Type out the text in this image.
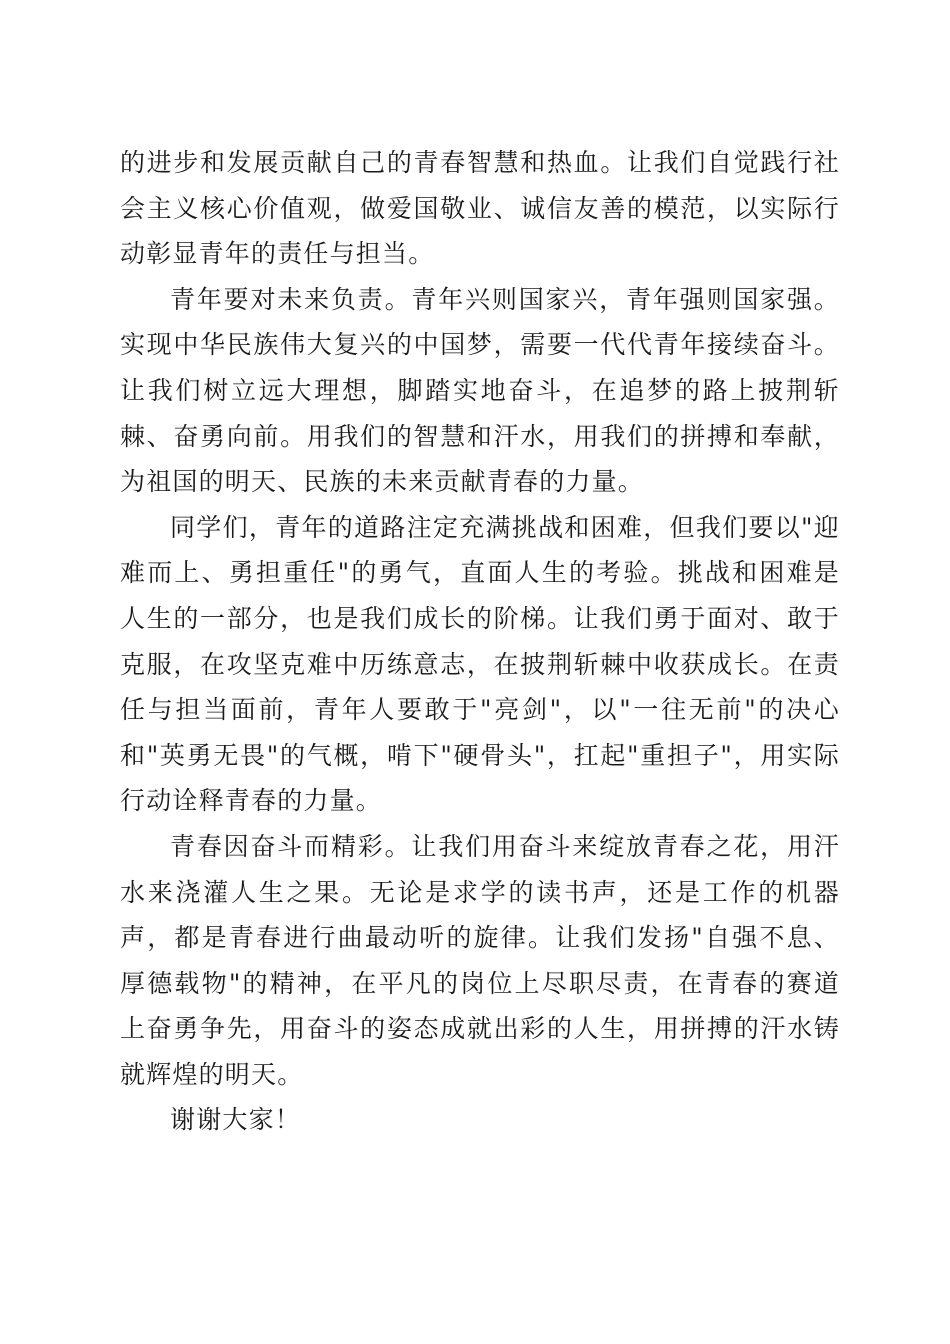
的进步和发展贡献自己的青春智慧和热血。让我们自觉践行社会主义核心价值观，做爱国敬业、诚信友善的模范，以实际行动彰显青年的责任与担当。

青年要对未来负责。青年兴则国家兴，青年强则国家强。实现中华民族伟大复兴的中国梦，需要一代代青年接续奋斗。让我们树立远大理想，脚踏实地奋斗，在追梦的路上披荆斩棘、奋勇向前。用我们的智慧和汗水，用我们的拼搏和奉献，为祖国的明天、民族的未来贡献青春的力量。

同学们，青年的道路注定充满挑战和困难，但我们要以"迎难而上、勇担重任"的勇气，直面人生的考验。挑战和困难是人生的一部分，也是我们成长的阶梯。让我们勇于面对、敢于克服，在攻坚克难中历练意志，在披荆斩棘中收获成长。在责任与担当面前，青年人要敢于"亮剑"，以"一往无前"的决心和"英勇无畏"的气概，啃下"硬骨头"，扛起"重担子"，用实际行动诠释青春的力量。

青春因奋斗而精彩。让我们用奋斗来绽放青春之花，用汗水来浇灌人生之果。无论是求学的读书声，还是工作的机器声，都是青春进行曲最动听的旋律。让我们发扬"自强不息、厚德载物"的精神，在平凡的岗位上尽职尽责，在青春的赛道上奋勇争先，用奋斗的姿态成就出彩的人生，用拼搏的汗水铸就辉煌的明天。

谢谢大家！
